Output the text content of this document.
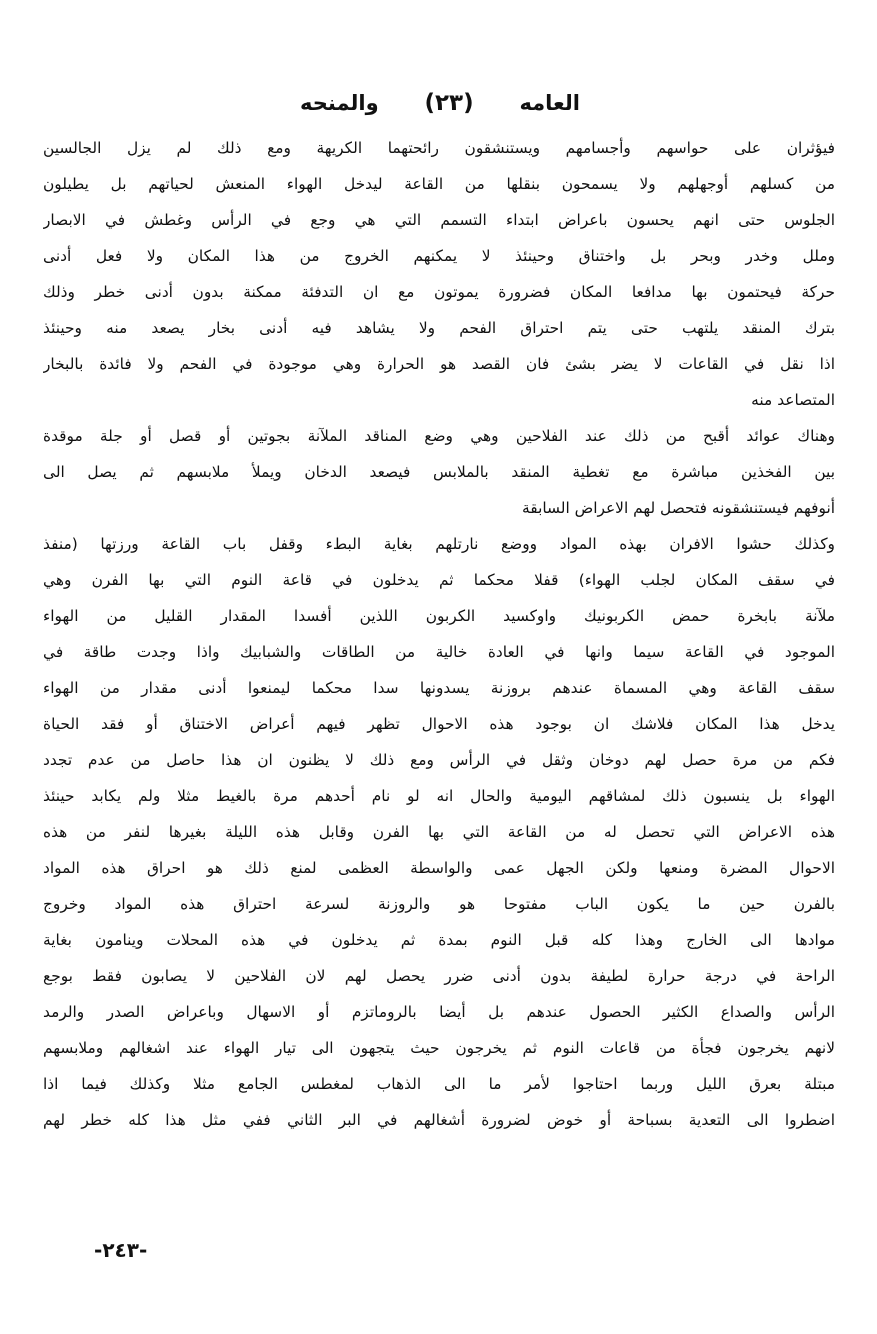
العامه
(٢٣)
والمنحه
فيؤثران على حواسهم وأجسامهم ويستنشقون رائحتهما الكريهة ومع ذلك لم يزل الجالسين
من كسلهم أوجهلهم ولا يسمحون بنقلها من القاعة ليدخل الهواء المنعش لحياتهم بل يطيلون
الجلوس حتى انهم يحسون باعراض ابتداء التسمم التي هي وجع في الرأس وغطش في الابصار
وملل وخدر وبحر بل واختناق وحينئذ لا يمكنهم الخروج من هذا المكان ولا فعل أدنى
حركة فيحتمون بها مدافعا المكان فضرورة يموتون مع ان التدفئة ممكنة بدون أدنى خطر وذلك
بترك المنقد يلتهب حتى يتم احتراق الفحم ولا يشاهد فيه أدنى بخار يصعد منه وحينئذ
اذا نقل في القاعات لا يضر بشئ فان القصد هو الحرارة وهي موجودة في الفحم ولا فائدة بالبخار
المتصاعد منه
وهناك عوائد أقبح من ذلك عند الفلاحين وهي وضع المناقد الملآنة بجوتين أو قصل أو جلة موقدة
بين الفخذين مباشرة مع تغطية المنقد بالملابس فيصعد الدخان ويملأ ملابسهم ثم يصل الى
أنوفهم فيستنشقونه فتحصل لهم الاعراض السابقة
وكذلك حشوا الافران بهذه المواد ووضع نارتلهم بغاية البطء وقفل باب القاعة ورزتها (منفذ
في سقف المكان لجلب الهواء) قفلا محكما ثم يدخلون في قاعة النوم التي بها الفرن وهي
ملآنة بابخرة حمض الكربونيك واوكسيد الكربون اللذين أفسدا المقدار القليل من الهواء
الموجود في القاعة سيما وانها في العادة خالية من الطاقات والشبابيك واذا وجدت طاقة في
سقف القاعة وهي المسماة عندهم بروزنة يسدونها سدا محكما ليمنعوا أدنى مقدار من الهواء
يدخل هذا المكان فلاشك ان بوجود هذه الاحوال تظهر فيهم أعراض الاختناق أو فقد الحياة
فكم من مرة حصل لهم دوخان وثقل في الرأس ومع ذلك لا يظنون ان هذا حاصل من عدم تجدد
الهواء بل ينسبون ذلك لمشاقهم اليومية والحال انه لو نام أحدهم مرة بالغيط مثلا ولم يكابد حينئذ
هذه الاعراض التي تحصل له من القاعة التي بها الفرن وقابل هذه الليلة بغيرها لنفر من هذه
الاحوال المضرة ومنعها ولكن الجهل عمى والواسطة العظمى لمنع ذلك هو احراق هذه المواد
بالفرن حين ما يكون الباب مفتوحا هو والروزنة لسرعة احتراق هذه المواد وخروج
موادها الى الخارج وهذا كله قبل النوم بمدة ثم يدخلون في هذه المحلات وينامون بغاية
الراحة في درجة حرارة لطيفة بدون أدنى ضرر يحصل لهم لان الفلاحين لا يصابون فقط بوجع
الرأس والصداع الكثير الحصول عندهم بل أيضا بالروماتزم أو الاسهال وباعراض الصدر والرمد
لانهم يخرجون فجأة من قاعات النوم ثم يخرجون حيث يتجهون الى تيار الهواء عند اشغالهم وملابسهم
مبتلة بعرق الليل وربما احتاجوا لأمر ما الى الذهاب لمغطس الجامع مثلا وكذلك فيما اذا
اضطروا الى التعدية بسباحة أو خوض لضرورة أشغالهم في البر الثاني ففي مثل هذا كله خطر لهم
-٢٤٣-
